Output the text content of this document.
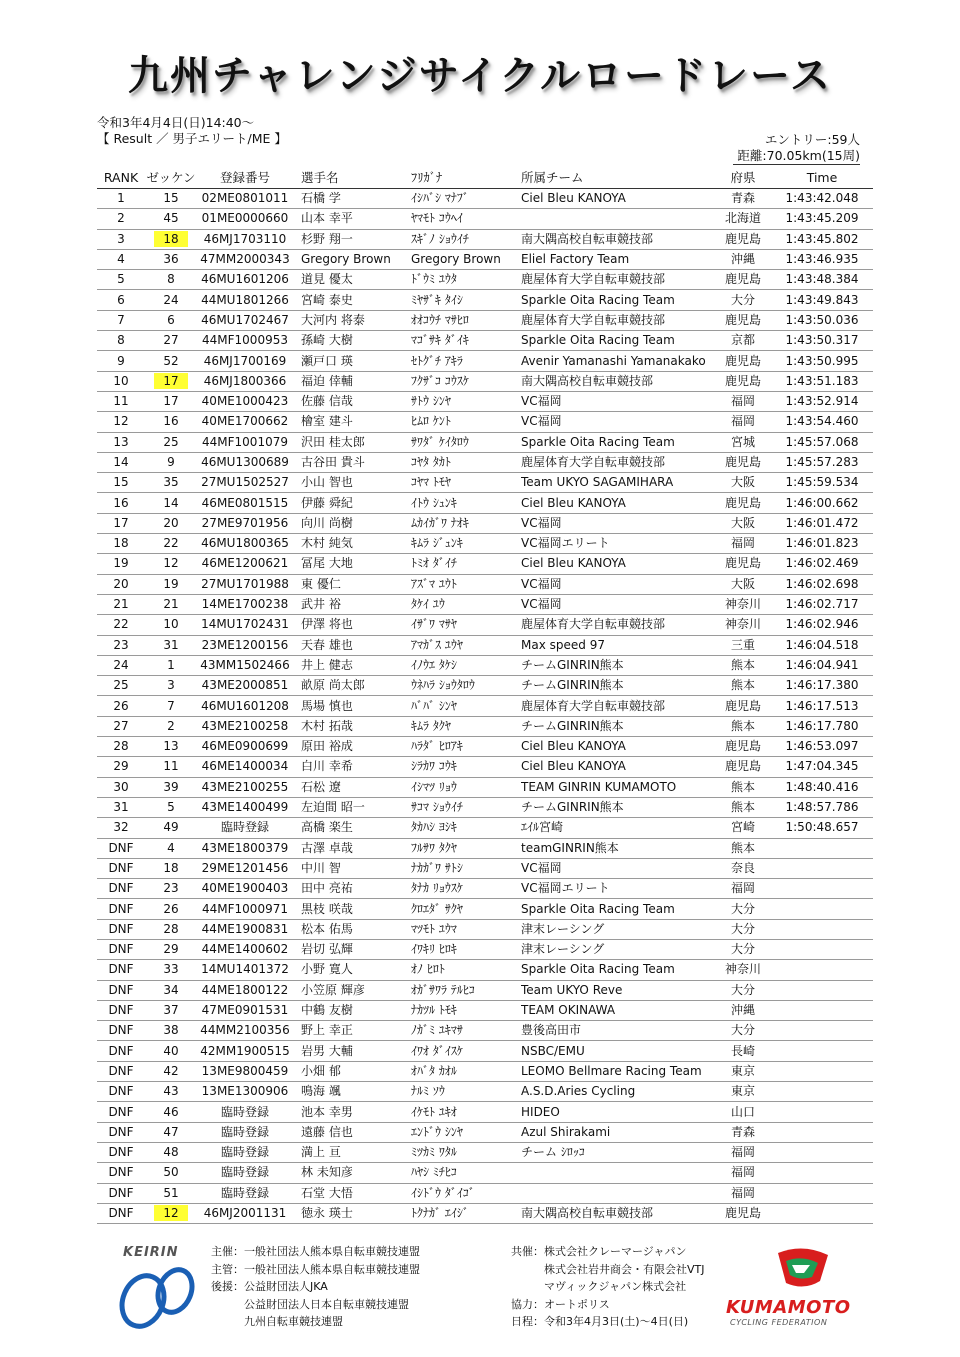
九州チャレンジサイクルロードレース
令和3年4月4日(日)14:40～
【 Result ／ 男子エリート/ME 】	エントリー:59人
距離:70.05km(15周)
RANK	ゼッケン	登録番号	選手名	ﾌﾘｶﾞﾅ	所属チーム	府県	Time
1	15	02ME0801011	石橋 学	ｲｼﾊﾞｼ ﾏﾅﾌﾞ	Ciel Bleu KANOYA	青森	1:43:42.048
2	45	01ME0000660	山本 幸平	ﾔﾏﾓﾄ ｺｳﾍｲ		北海道	1:43:45.209
3	18	46MJ1703110	杉野 翔一	ｽｷﾞﾉ ｼｮｳｲﾁ	南大隅高校自転車競技部	鹿児島	1:43:45.802
4	36	47MM2000343	Gregory Brown	Gregory Brown	Eliel Factory Team	沖縄	1:43:46.935
5	8	46MU1601206	道見 優太	ﾄﾞｳﾐ ﾕｳﾀ	鹿屋体育大学自転車競技部	鹿児島	1:43:48.384
6	24	44MU1801266	宮崎 泰史	ﾐﾔｻﾞｷ ﾀｲｼ	Sparkle Oita Racing Team	大分	1:43:49.843
7	6	46MU1702467	大河内 将泰	ｵｵｺｳﾁ ﾏｻﾋﾛ	鹿屋体育大学自転車競技部	鹿児島	1:43:50.036
8	27	44MF1000953	孫崎 大樹	ﾏｺﾞｻｷ ﾀﾞｲｷ	Sparkle Oita Racing Team	京都	1:43:50.317
9	52	46MJ1700169	瀬戸口 瑛	ｾﾄｸﾞﾁ ｱｷﾗ	Avenir Yamanashi Yamanakako	鹿児島	1:43:50.995
10	17	46MJ1800366	福迫 倖輔	ﾌｸｻﾞｺ ｺｳｽｹ	南大隅高校自転車競技部	鹿児島	1:43:51.183
11	17	40ME1000423	佐藤 信哉	ｻﾄｳ ｼﾝﾔ	VC福岡	福岡	1:43:52.914
12	16	40ME1700662	檜室 建斗	ﾋﾑﾛ ｹﾝﾄ	VC福岡	福岡	1:43:54.460
13	25	44MF1001079	沢田 桂太郎	ｻﾜﾀﾞ ｹｲﾀﾛｳ	Sparkle Oita Racing Team	宮城	1:45:57.068
14	9	46MU1300689	古谷田 貴斗	ｺﾔﾀ ﾀｶﾄ	鹿屋体育大学自転車競技部	鹿児島	1:45:57.283
15	35	27MU1502527	小山 智也	ｺﾔﾏ ﾄﾓﾔ	Team UKYO SAGAMIHARA	大阪	1:45:59.534
16	14	46ME0801515	伊藤 舜紀	ｲﾄｳ ｼｭﾝｷ	Ciel Bleu KANOYA	鹿児島	1:46:00.662
17	20	27ME9701956	向川 尚樹	ﾑｶｲｶﾞﾜ ﾅｵｷ	VC福岡	大阪	1:46:01.472
18	22	46MU1800365	木村 純気	ｷﾑﾗ ｼﾞｭﾝｷ	VC福岡エリート	福岡	1:46:01.823
19	12	46ME1200621	冨尾 大地	ﾄﾐｵ ﾀﾞｲﾁ	Ciel Bleu KANOYA	鹿児島	1:46:02.469
20	19	27MU1701988	東 優仁	ｱｽﾞﾏ ﾕｳﾄ	VC福岡	大阪	1:46:02.698
21	21	14ME1700238	武井 裕	ﾀｹｲ ﾕｳ	VC福岡	神奈川	1:46:02.717
22	10	14MU1702431	伊澤 将也	ｲｻﾞﾜ ﾏｻﾔ	鹿屋体育大学自転車競技部	神奈川	1:46:02.946
23	31	23ME1200156	天春 雄也	ｱﾏｶﾞｽ ﾕｳﾔ	Max speed 97	三重	1:46:04.518
24	1	43MM1502466	井上 健志	ｲﾉｳｴ ﾀｹｼ	チームGINRIN熊本	熊本	1:46:04.941
25	3	43ME2000851	畝原 尚太郎	ｳﾈﾊﾗ ｼｮｳﾀﾛｳ	チームGINRIN熊本	熊本	1:46:17.380
26	7	46MU1601208	馬場 慎也	ﾊﾞﾊﾞ ｼﾝﾔ	鹿屋体育大学自転車競技部	鹿児島	1:46:17.513
27	2	43ME2100258	木村 拓哉	ｷﾑﾗ ﾀｸﾔ	チームGINRIN熊本	熊本	1:46:17.780
28	13	46ME0900699	原田 裕成	ﾊﾗﾀﾞ ﾋﾛｱｷ	Ciel Bleu KANOYA	鹿児島	1:46:53.097
29	11	46ME1400034	白川 幸希	ｼﾗｶﾜ ｺｳｷ	Ciel Bleu KANOYA	鹿児島	1:47:04.345
30	39	43ME2100255	石松 遼	ｲｼﾏﾂ ﾘｮｳ	TEAM GINRIN KUMAMOTO	熊本	1:48:40.416
31	5	43ME1400499	左迫間 昭一	ｻｺﾏ ｼｮｳｲﾁ	チームGINRIN熊本	熊本	1:48:57.786
32	49	臨時登録	高橋 楽生	ﾀｶﾊｼ ﾖｼｷ	ｴｲﾙ宮崎	宮崎	1:50:48.657
DNF	4	43ME1800379	古澤 卓哉	ﾌﾙｻﾜ ﾀｸﾔ	teamGINRIN熊本	熊本	
DNF	18	29ME1201456	中川 智	ﾅｶｶﾞﾜ ｻﾄｼ	VC福岡	奈良	
DNF	23	40ME1900403	田中 亮祐	ﾀﾅｶ ﾘｮｳｽｹ	VC福岡エリート	福岡	
DNF	26	44MF1000971	黒枝 咲哉	ｸﾛｴﾀﾞ ｻｸﾔ	Sparkle Oita Racing Team	大分	
DNF	28	44ME1900831	松本 佑馬	ﾏﾂﾓﾄ ﾕｳﾏ	津末レーシング	大分	
DNF	29	44ME1400602	岩切 弘輝	ｲﾜｷﾘ ﾋﾛｷ	津末レーシング	大分	
DNF	33	14MU1401372	小野 寛人	ｵﾉ ﾋﾛﾄ	Sparkle Oita Racing Team	神奈川	
DNF	34	44ME1800122	小笠原 輝彦	ｵｶﾞｻﾜﾗ ﾃﾙﾋｺ	Team UKYO Reve	大分	
DNF	37	47ME0901531	中鶴 友樹	ﾅｶﾂﾙ ﾄﾓｷ	TEAM OKINAWA	沖縄	
DNF	38	44MM2100356	野上 幸正	ﾉｶﾞﾐ ﾕｷﾏｻ	豊後高田市	大分	
DNF	40	42MM1900515	岩男 大輔	ｲﾜｵ ﾀﾞｲｽｹ	NSBC/EMU	長崎	
DNF	42	13ME9800459	小畑 郁	ｵﾊﾞﾀ ｶｵﾙ	LEOMO Bellmare Racing Team	東京	
DNF	43	13ME1300906	鳴海 颯	ﾅﾙﾐ ｿｳ	A.S.D.Aries Cycling	東京	
DNF	46	臨時登録	池本 幸男	ｲｹﾓﾄ ﾕｷｵ	HIDEO	山口	
DNF	47	臨時登録	遠藤 信也	ｴﾝﾄﾞｳ ｼﾝﾔ	Azul Shirakami	青森	
DNF	48	臨時登録	満上 亘	ﾐﾂｶﾐ ﾜﾀﾙ	チーム ｼﾛｯｺ	福岡	
DNF	50	臨時登録	林 未知彦	ﾊﾔｼ ﾐﾁﾋｺ		福岡	
DNF	51	臨時登録	石堂 大悟	ｲｼﾄﾞｳ ﾀﾞｲｺﾞ		福岡	
DNF	12	46MJ2001131	徳永 瑛士	ﾄｸﾅｶﾞ ｴｲｼﾞ	南大隅高校自転車競技部	鹿児島	
KEIRIN	主催：一般社団法人熊本県自転車競技連盟
主管：一般社団法人熊本県自転車競技連盟
後援：公益財団法人JKA
　　　公益財団法人日本自転車競技連盟
　　　九州自転車競技連盟
共催：株式会社クレーマージャパン
　　　株式会社岩井商会・有限会社VTJ
　　　マヴィックジャパン株式会社
協力：オートポリス
日程：令和3年4月3日(土)～4日(日)
KUMAMOTO
CYCLING FEDERATION
